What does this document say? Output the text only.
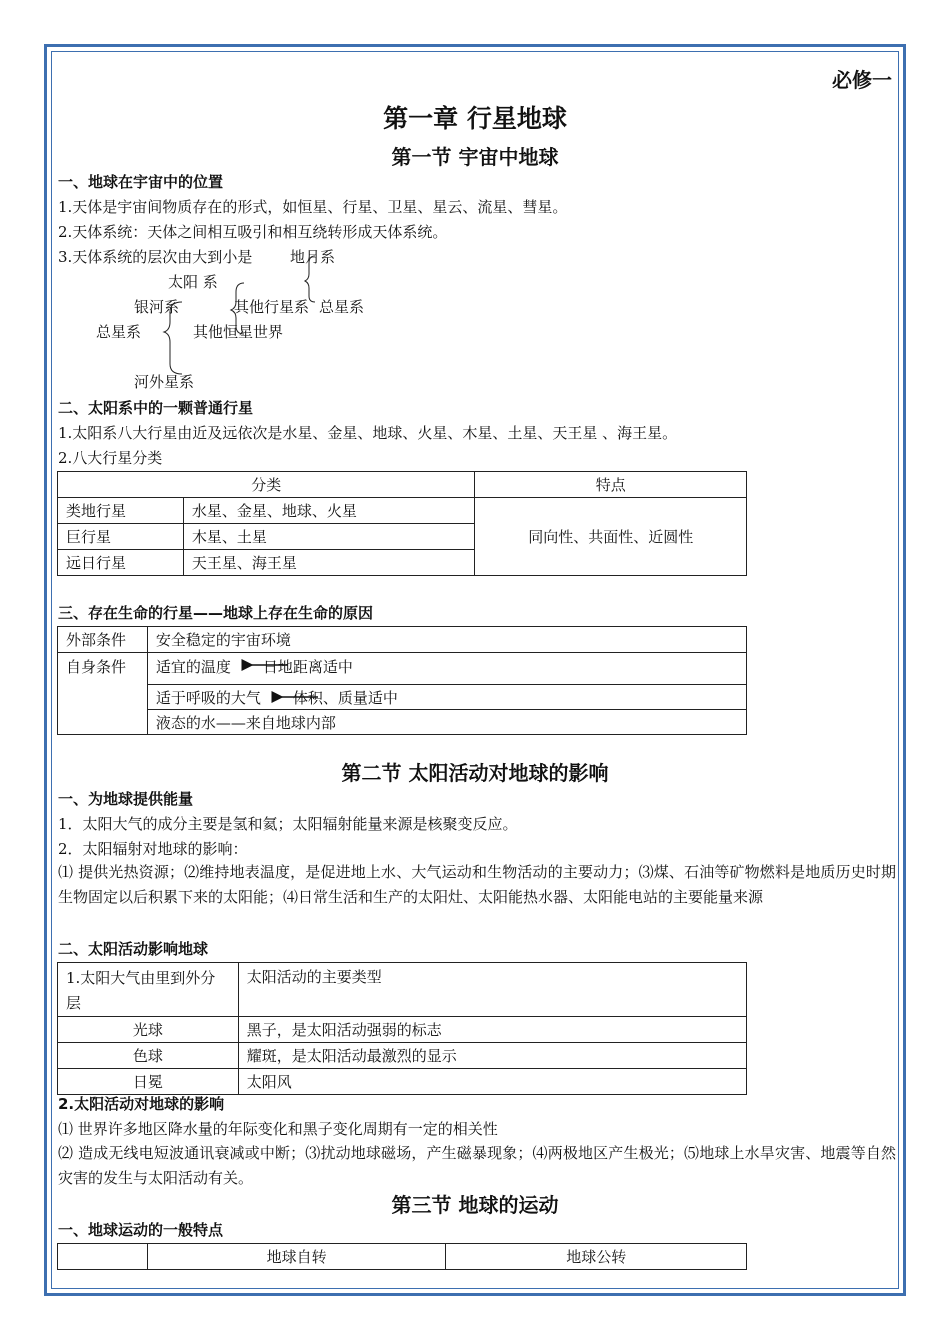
必修一
第一章 行星地球
第一节 宇宙中地球
一、地球在宇宙中的位置
1.天体是宇宙间物质存在的形式，如恒星、行星、卫星、星云、流星、彗星。
2.天体系统：天体之间相互吸引和相互绕转形成天体系统。
3.天体系统的层次由大到小是	地月系
太阳 系
其他行星系 总星系
银河系
总星系	其他恒星世界
河外星系
二、太阳系中的一颗普通行星
1.太阳系八大行星由近及远依次是水星、金星、地球、火星、木星、土星、天王星 、海王星。
2.八大行星分类
分类		特点
类地行星	水星、金星、地球、火星	同向性、共面性、近圆性
巨行星	木星、土星	
远日行星	天王星、海王星	
三、存在生命的行星——地球上存在生命的原因
外部条件	安全稳定的宇宙环境
自身条件	适宜的温度 日地距离适中
	适于呼吸的大气 体积、质量适中
	液态的水——来自地球内部
第二节 太阳活动对地球的影响
一、为地球提供能量
1．太阳大气的成分主要是氢和氦；太阳辐射能量来源是核聚变反应。
2．太阳辐射对地球的影响：
⑴ 提供光热资源；⑵维持地表温度，是促进地上水、大气运动和生物活动的主要动力；⑶煤、石油等矿物燃料是地质历史时期生物固定以后积累下来的太阳能；⑷日常生活和生产的太阳灶、太阳能热水器、太阳能电站的主要能量来源
二、太阳活动影响地球
1.太阳大气由里到外分层	太阳活动的主要类型
光球	黑子，是太阳活动强弱的标志
色球	耀斑，是太阳活动最激烈的显示
日冕	太阳风
2.太阳活动对地球的影响
⑴ 世界许多地区降水量的年际变化和黑子变化周期有一定的相关性
⑵ 造成无线电短波通讯衰减或中断；⑶扰动地球磁场，产生磁暴现象；⑷两极地区产生极光；⑸地球上水旱灾害、地震等自然灾害的发生与太阳活动有关。
第三节 地球的运动
一、地球运动的一般特点
	地球自转	地球公转
